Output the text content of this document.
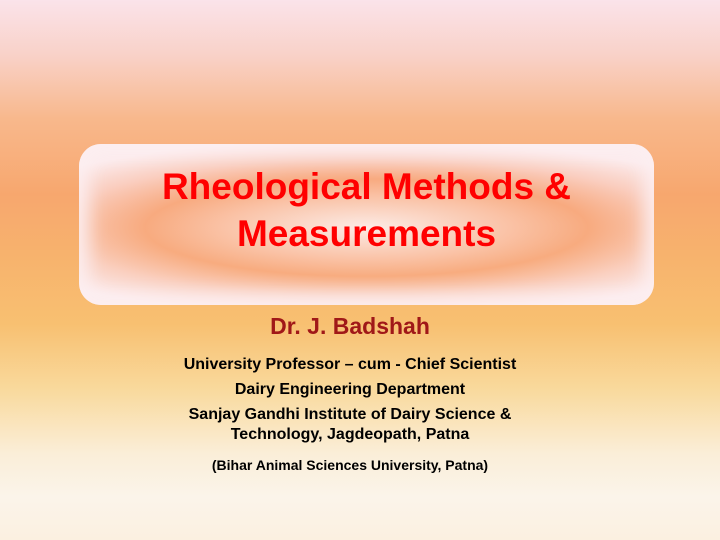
Rheological Methods &
Measurements

Dr. J. Badshah

University Professor – cum - Chief Scientist

Dairy Engineering Department

Sanjay Gandhi Institute of Dairy Science &

Technology, Jagdeopath, Patna

(Bihar Animal Sciences University, Patna)
